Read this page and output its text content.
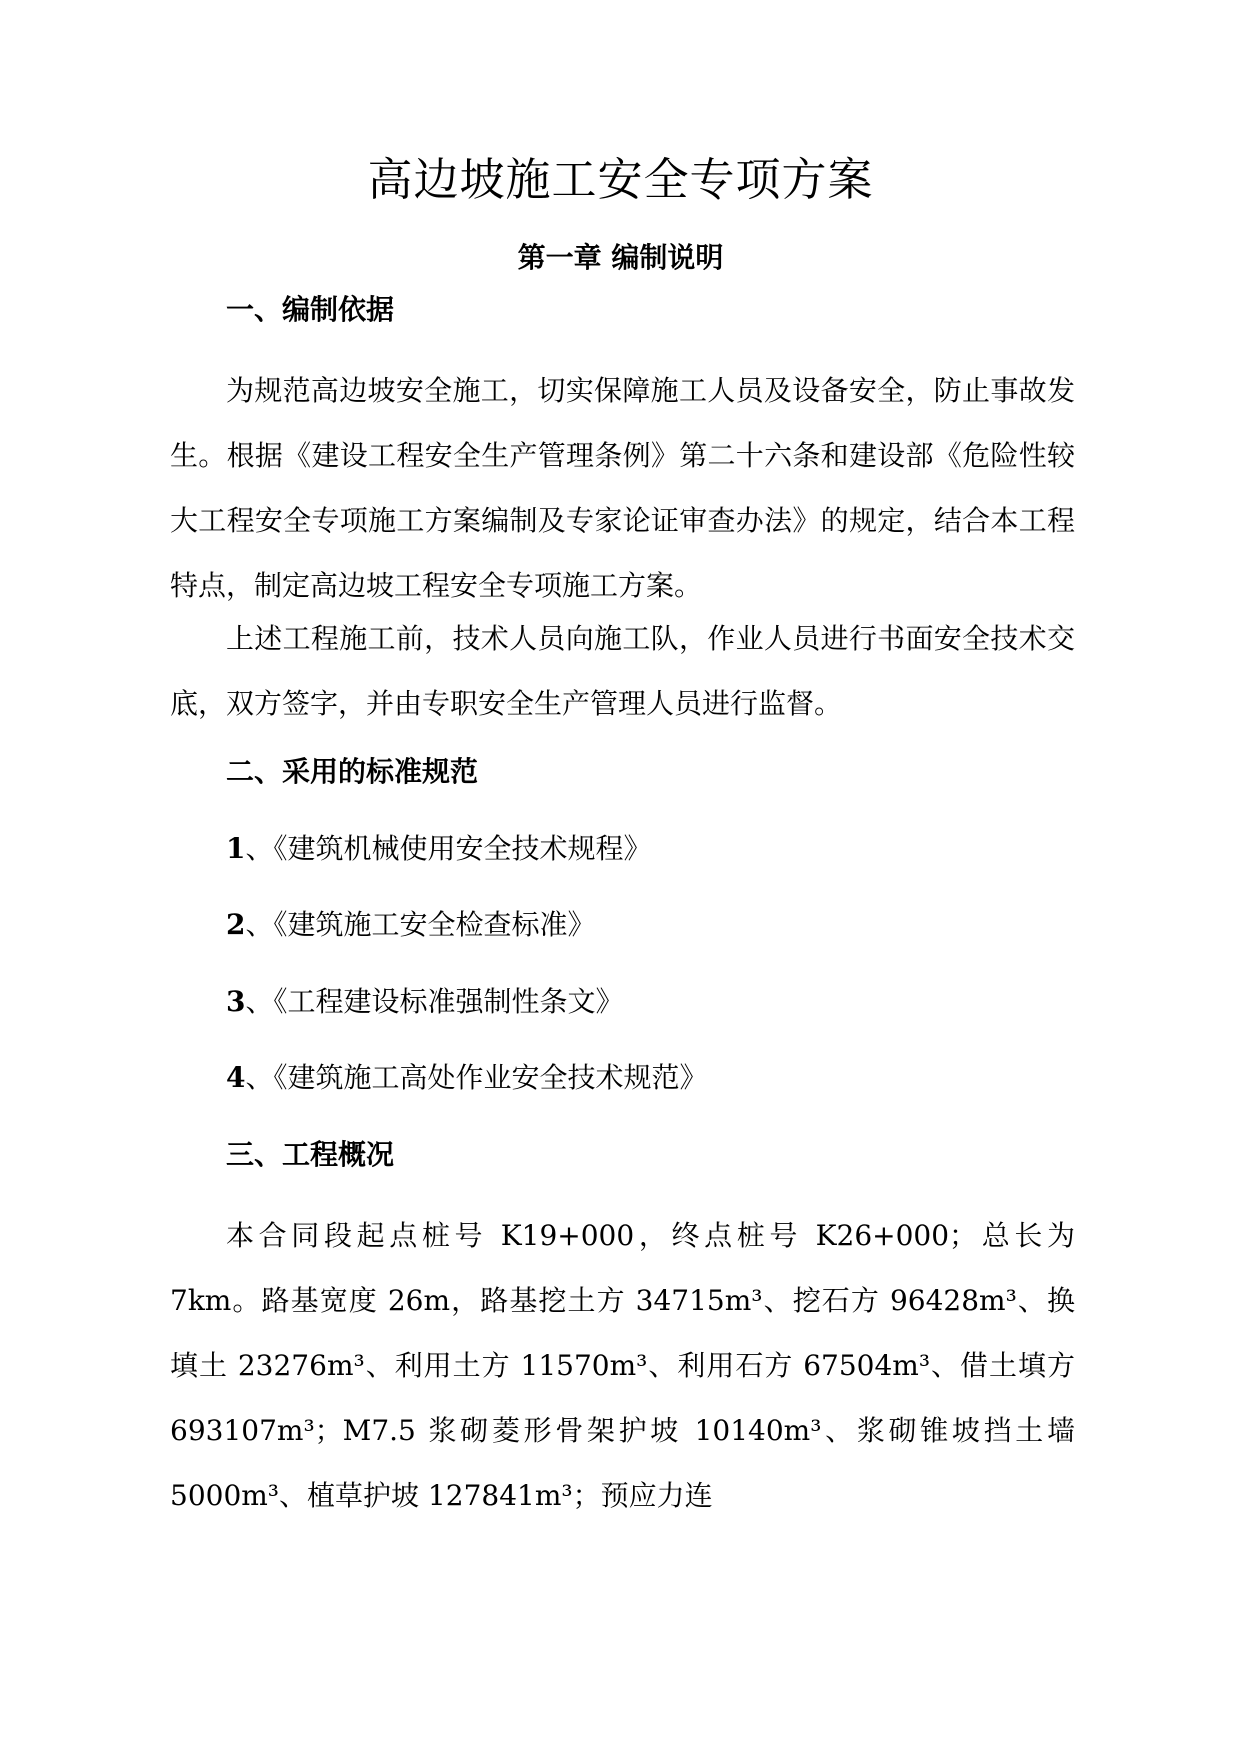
高边坡施工安全专项方案
第一章 编制说明
一、编制依据

为规范高边坡安全施工，切实保障施工人员及设备安全，防止事故发生。根据《建设工程安全生产管理条例》第二十六条和建设部《危险性较大工程安全专项施工方案编制及专家论证审查办法》的规定，结合本工程特点，制定高边坡工程安全专项施工方案。

上述工程施工前，技术人员向施工队，作业人员进行书面安全技术交底，双方签字，并由专职安全生产管理人员进行监督。

二、采用的标准规范

1、《建筑机械使用安全技术规程》

2、《建筑施工安全检查标准》

3、《工程建设标准强制性条文》

4、《建筑施工高处作业安全技术规范》

三、工程概况

本合同段起点桩号 K19+000，终点桩号 K26+000；总长为 7km。路基宽度 26m，路基挖土方 34715m³、挖石方 96428m³、换填土 23276m³、利用土方 11570m³、利用石方 67504m³、借土填方 693107m³；M7.5 浆砌菱形骨架护坡 10140m³、浆砌锥坡挡土墙 5000m³、植草护坡 127841m³；预应力连
